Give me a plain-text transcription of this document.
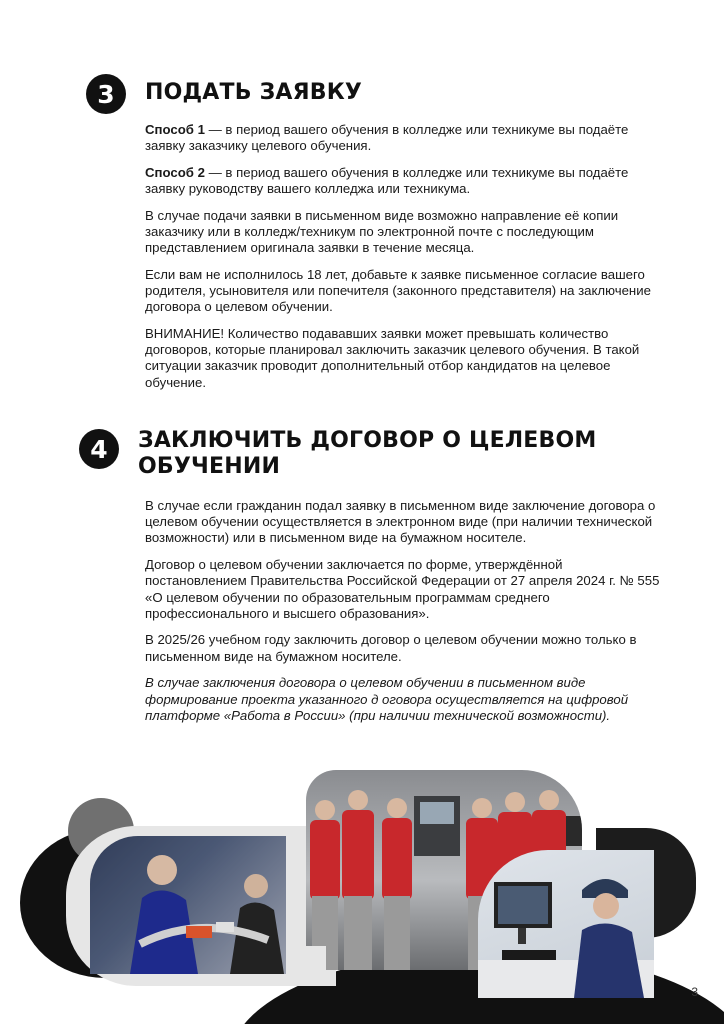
3	ПОДАТЬ ЗАЯВКУ

Способ 1 — в период вашего обучения в колледже или техникуме вы подаёте заявку заказчику целевого обучения.

Способ 2 — в период вашего обучения в колледже или техникуме вы подаёте заявку руководству вашего колледжа или техникума.

В случае подачи заявки в письменном виде возможно направление её копии заказчику или в колледж/техникум по электронной почте с последующим представлением оригинала заявки в течение месяца.

Если вам не исполнилось 18 лет, добавьте к заявке письменное согласие вашего родителя, усыновителя или попечителя (законного представителя) на заключение договора о целевом обучении.

ВНИМАНИЕ! Количество подававших заявки может превышать количество договоров, которые планировал заключить заказчик целевого обучения. В такой ситуации заказчик проводит дополнительный отбор кандидатов на целевое обучение.

4	ЗАКЛЮЧИТЬ ДОГОВОР О ЦЕЛЕВОМ
ОБУЧЕНИИ

В случае если гражданин подал заявку в письменном виде заключение договора о целевом обучении осуществляется в электронном виде (при наличии технической возможности) или в письменном виде на бумажном носителе.

Договор о целевом обучении заключается по форме, утверждённой постановлением Правительства Российской Федерации от 27 апреля 2024 г. № 555 «О целевом обучении по образовательным программам среднего профессионального и высшего образования».

В 2025/26 учебном году заключить договор о целевом обучении можно только в письменном виде на бумажном носителе.

В случае заключения договора о целевом обучении в письменном виде формирование проекта указанного д оговора осуществляется на цифровой платформе «Работа в России» (при наличии технической возможности).

3
